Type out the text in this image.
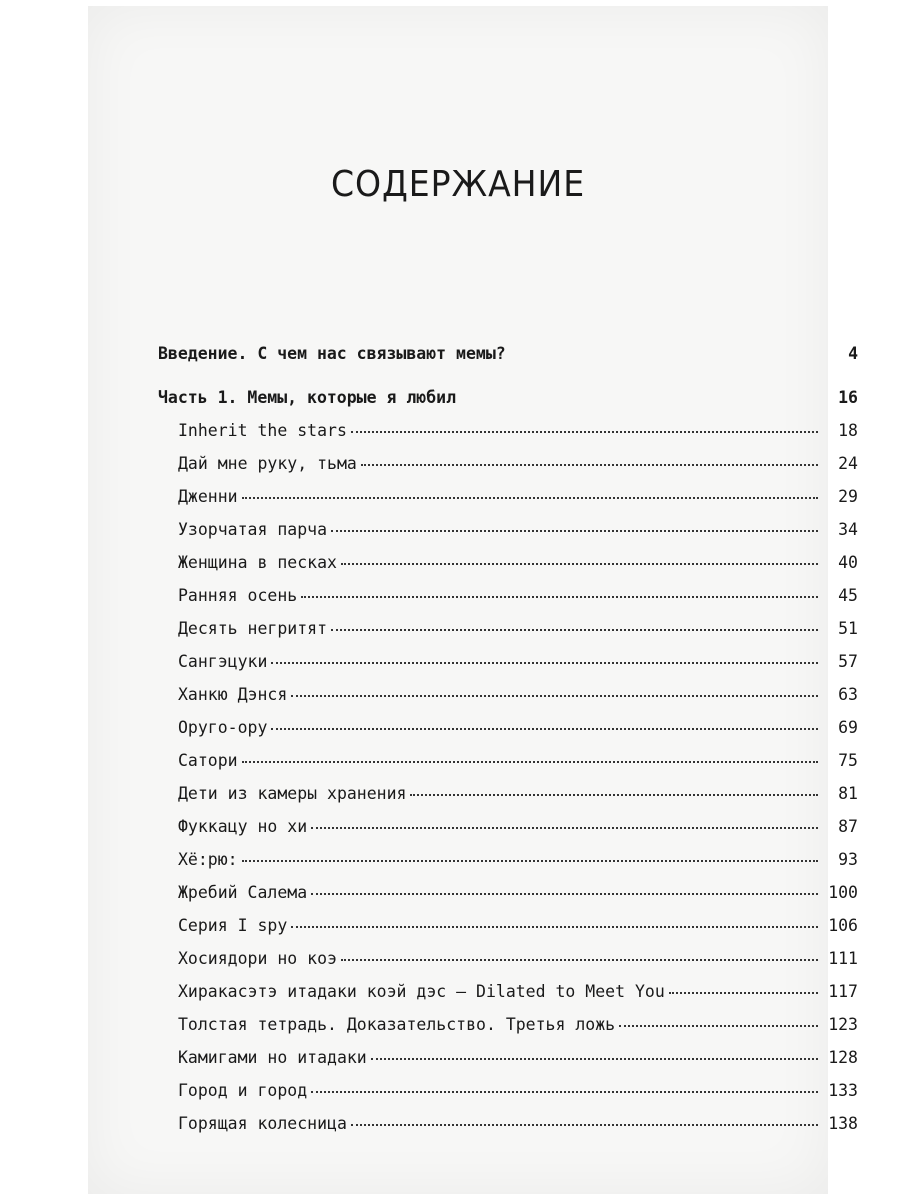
СОДЕРЖАНИЕ
Введение. С чем нас связывают мемы?	4
Часть 1. Мемы, которые я любил	16
Inherit the stars	18
Дай мне руку, тьма	24
Дженни	29
Узорчатая парча	34
Женщина в песках	40
Ранняя осень	45
Десять негритят	51
Сангэцуки	57
Ханкю Дэнся	63
Оруго-ору	69
Сатори	75
Дети из камеры хранения	81
Фуккацу но хи	87
Хё:рю:	93
Жребий Салема	100
Серия I spy	106
Хосиядори но коэ	111
Хиракасэтэ итадаки коэй дэс – Dilated to Meet You	117
Толстая тетрадь. Доказательство. Третья ложь	123
Камигами но итадаки	128
Город и город	133
Горящая колесница	138
